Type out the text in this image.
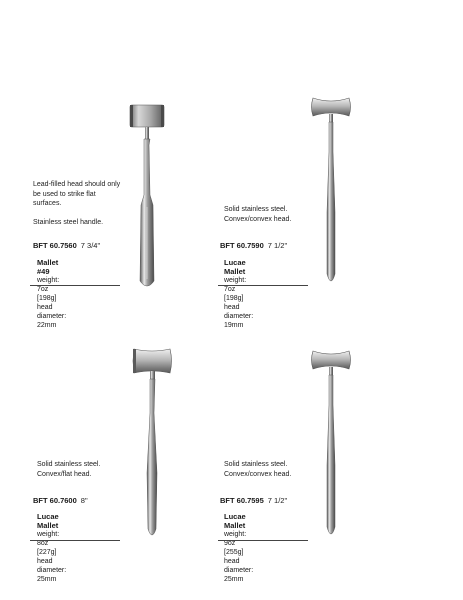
Lead-filled head should only be used to strike flat surfaces.

Stainless steel handle.

BFT 60.7560 7 3/4"
Mallet #49
weight: 7oz [198g]
head diameter: 22mm

Solid stainless steel.

Convex/convex head.

BFT 60.7590 7 1/2"
Lucae Mallet
weight: 7oz [198g]
head diameter: 19mm

Solid stainless steel.

Convex/flat head.

BFT 60.7600 8"
Lucae Mallet
weight: 8oz [227g]
head diameter: 25mm

Solid stainless steel.

Convex/convex head.

BFT 60.7595 7 1/2"
Lucae Mallet
weight: 9oz [255g]
head diameter: 25mm
